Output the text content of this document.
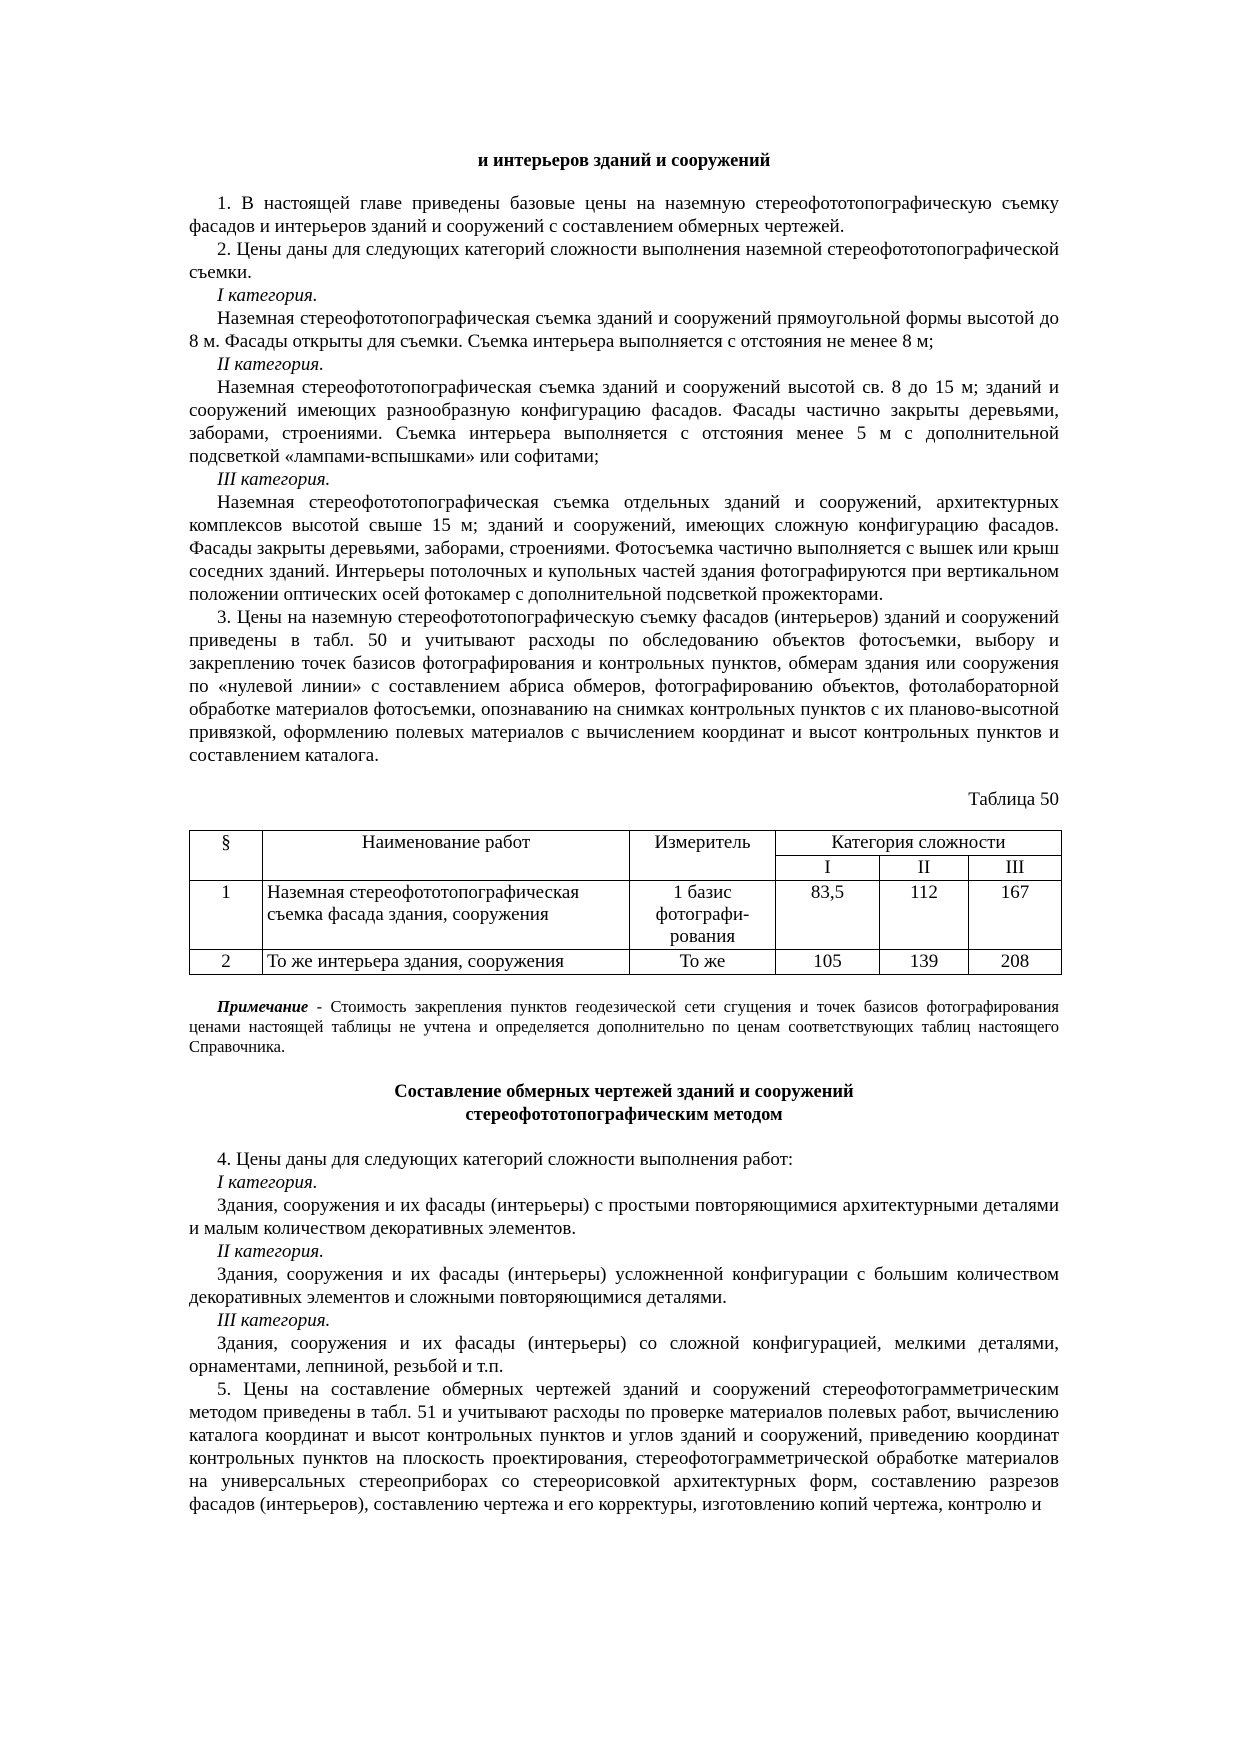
и интерьеров зданий и сооружений

1. В настоящей главе приведены базовые цены на наземную стереофототопографическую съемку фасадов и интерьеров зданий и сооружений с составлением обмерных чертежей.

2. Цены даны для следующих категорий сложности выполнения наземной стереофототопографической съемки.

I категория.

Наземная стереофототопографическая съемка зданий и сооружений прямоугольной формы высотой до 8 м. Фасады открыты для съемки. Съемка интерьера выполняется с отстояния не менее 8 м;

II категория.

Наземная стереофототопографическая съемка зданий и сооружений высотой св. 8 до 15 м; зданий и сооружений имеющих разнообразную конфигурацию фасадов. Фасады частично закрыты деревьями, заборами, строениями. Съемка интерьера выполняется с отстояния менее 5 м с дополнительной подсветкой «лампами-вспышками» или софитами;

III категория.

Наземная стереофототопографическая съемка отдельных зданий и сооружений, архитектурных комплексов высотой свыше 15 м; зданий и сооружений, имеющих сложную конфигурацию фасадов. Фасады закрыты деревьями, заборами, строениями. Фотосъемка частично выполняется с вышек или крыш соседних зданий. Интерьеры потолочных и купольных частей здания фотографируются при вертикальном положении оптических осей фотокамер с дополнительной подсветкой прожекторами.

3. Цены на наземную стереофототопографическую съемку фасадов (интерьеров) зданий и сооружений приведены в табл. 50 и учитывают расходы по обследованию объектов фотосъемки, выбору и закреплению точек базисов фотографирования и контрольных пунктов, обмерам здания или сооружения по «нулевой линии» с составлением абриса обмеров, фотографированию объектов, фотолабораторной обработке материалов фотосъемки, опознаванию на снимках контрольных пунктов с их планово-высотной привязкой, оформлению полевых материалов с вычислением координат и высот контрольных пунктов и составлением каталога.

Таблица 50

§	Наименование работ	Измеритель	Категория сложности		
			I	II	III
1	Наземная стереофототопографическая съемка фасада здания, сооружения	1 базис фотографи-рования	83,5	112	167
2	То же интерьера здания, сооружения	То же	105	139	208

Примечание - Стоимость закрепления пунктов геодезической сети сгущения и точек базисов фотографирования ценами настоящей таблицы не учтена и определяется дополнительно по ценам соответствующих таблиц настоящего Справочника.

Составление обмерных чертежей зданий и сооружений
стереофототопографическим методом

4. Цены даны для следующих категорий сложности выполнения работ:

I категория.

Здания, сооружения и их фасады (интерьеры) с простыми повторяющимися архитектурными деталями и малым количеством декоративных элементов.

II категория.

Здания, сооружения и их фасады (интерьеры) усложненной конфигурации с большим количеством декоративных элементов и сложными повторяющимися деталями.

III категория.

Здания, сооружения и их фасады (интерьеры) со сложной конфигурацией, мелкими деталями, орнаментами, лепниной, резьбой и т.п.

5. Цены на составление обмерных чертежей зданий и сооружений стереофотограмметрическим методом приведены в табл. 51 и учитывают расходы по проверке материалов полевых работ, вычислению каталога координат и высот контрольных пунктов и углов зданий и сооружений, приведению координат контрольных пунктов на плоскость проектирования, стереофотограмметрической обработке материалов на универсальных стереоприборах со стереорисовкой архитектурных форм, составлению разрезов фасадов (интерьеров), составлению чертежа и его корректуры, изготовлению копий чертежа, контролю и
